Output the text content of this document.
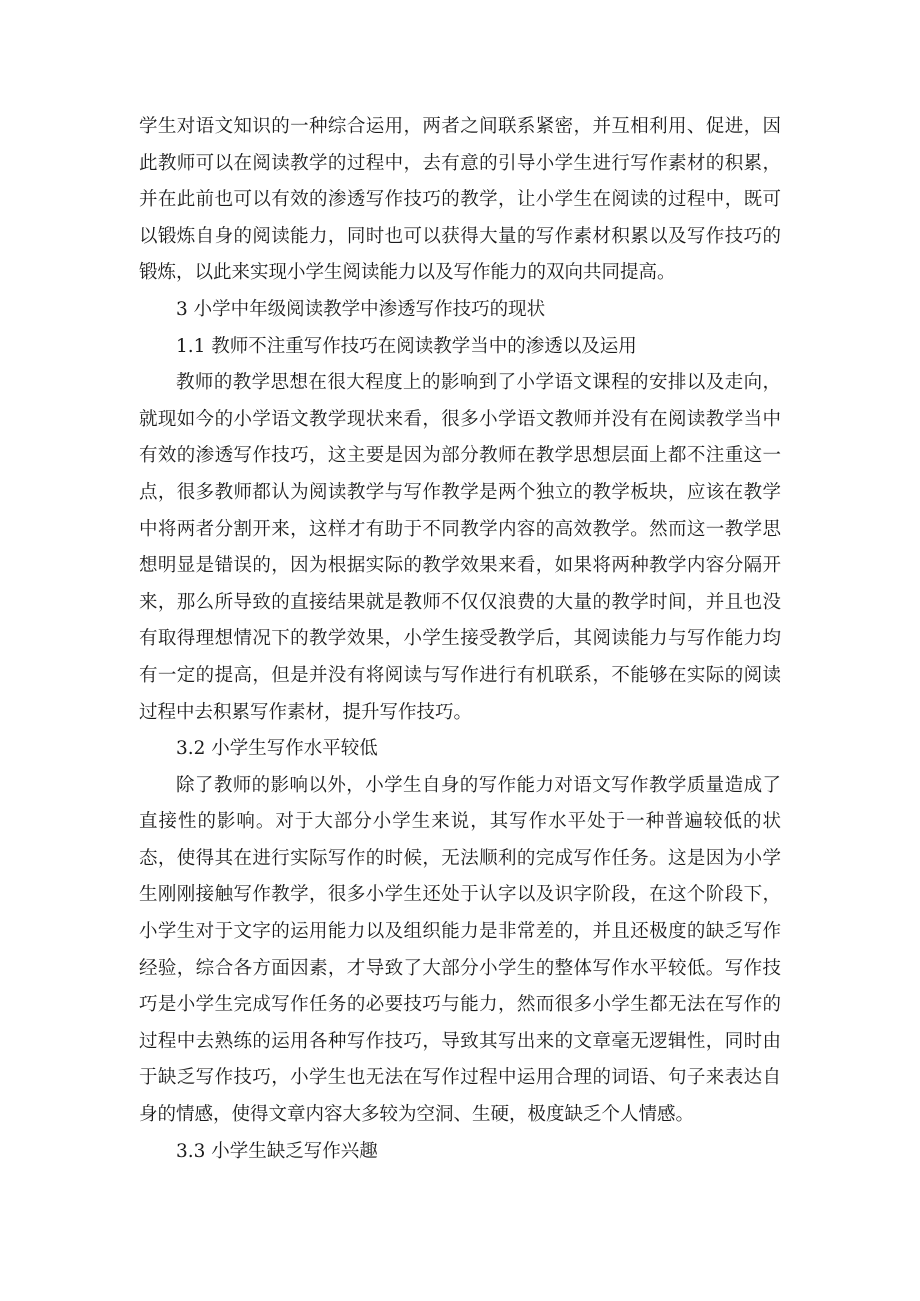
学生对语文知识的一种综合运用，两者之间联系紧密，并互相利用、促进，因此教师可以在阅读教学的过程中，去有意的引导小学生进行写作素材的积累，并在此前也可以有效的渗透写作技巧的教学，让小学生在阅读的过程中，既可以锻炼自身的阅读能力，同时也可以获得大量的写作素材积累以及写作技巧的锻炼，以此来实现小学生阅读能力以及写作能力的双向共同提高。

3 小学中年级阅读教学中渗透写作技巧的现状

1.1 教师不注重写作技巧在阅读教学当中的渗透以及运用

教师的教学思想在很大程度上的影响到了小学语文课程的安排以及走向，就现如今的小学语文教学现状来看，很多小学语文教师并没有在阅读教学当中有效的渗透写作技巧，这主要是因为部分教师在教学思想层面上都不注重这一点，很多教师都认为阅读教学与写作教学是两个独立的教学板块，应该在教学中将两者分割开来，这样才有助于不同教学内容的高效教学。然而这一教学思想明显是错误的，因为根据实际的教学效果来看，如果将两种教学内容分隔开来，那么所导致的直接结果就是教师不仅仅浪费的大量的教学时间，并且也没有取得理想情况下的教学效果，小学生接受教学后，其阅读能力与写作能力均有一定的提高，但是并没有将阅读与写作进行有机联系，不能够在实际的阅读过程中去积累写作素材，提升写作技巧。

3.2 小学生写作水平较低

除了教师的影响以外，小学生自身的写作能力对语文写作教学质量造成了直接性的影响。对于大部分小学生来说，其写作水平处于一种普遍较低的状态，使得其在进行实际写作的时候，无法顺利的完成写作任务。这是因为小学生刚刚接触写作教学，很多小学生还处于认字以及识字阶段，在这个阶段下，小学生对于文字的运用能力以及组织能力是非常差的，并且还极度的缺乏写作经验，综合各方面因素，才导致了大部分小学生的整体写作水平较低。写作技巧是小学生完成写作任务的必要技巧与能力，然而很多小学生都无法在写作的过程中去熟练的运用各种写作技巧，导致其写出来的文章毫无逻辑性，同时由于缺乏写作技巧，小学生也无法在写作过程中运用合理的词语、句子来表达自身的情感，使得文章内容大多较为空洞、生硬，极度缺乏个人情感。

3.3 小学生缺乏写作兴趣
